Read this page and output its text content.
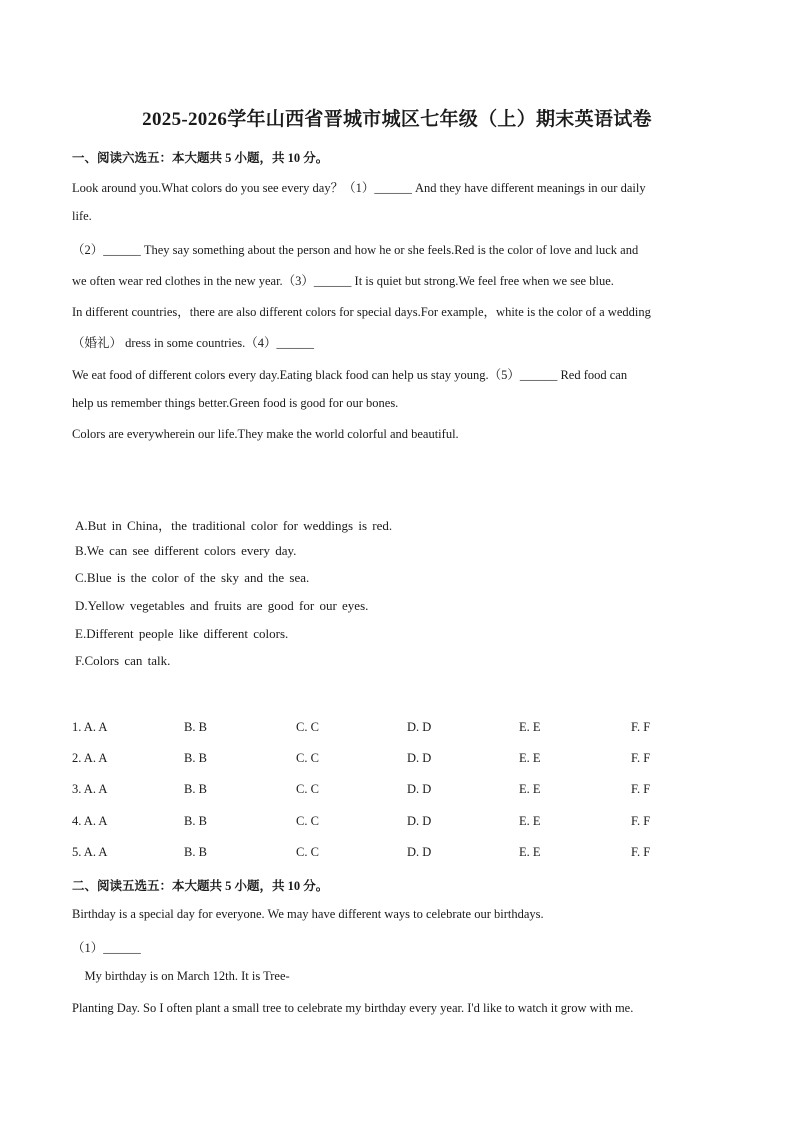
2025-2026学年山西省晋城市城区七年级（上）期末英语试卷
一、阅读六选五：本大题共 5 小题，共 10 分。
Look around you.What colors do you see every day？（1）______ And they have different meanings in our daily
life.
（2）______ They say something about the person and how he or she feels.Red is the color of love and luck and
we often wear red clothes in the new year.（3）______ It is quiet but strong.We feel free when we see blue.
In different countries，there are also different colors for special days.For example，white is the color of a wedding
（婚礼） dress in some countries.（4）______
We eat food of different colors every day.Eating black food can help us stay young.（5）______ Red food can
help us remember things better.Green food is good for our bones.
Colors are everywherein our life.They make the world colorful and beautiful.
A.But in China，the traditional color for weddings is red.
B.We can see different colors every day.
C.Blue is the color of the sky and the sea.
D.Yellow vegetables and fruits are good for our eyes.
E.Different people like different colors.
F.Colors can talk.
1. A. A	B. B	C. C	D. D	E. E	F. F
2. A. A	B. B	C. C	D. D	E. E	F. F
3. A. A	B. B	C. C	D. D	E. E	F. F
4. A. A	B. B	C. C	D. D	E. E	F. F
5. A. A	B. B	C. C	D. D	E. E	F. F
二、阅读五选五：本大题共 5 小题，共 10 分。
Birthday is a special day for everyone. We may have different ways to celebrate our birthdays.
（1）______
My birthday is on March 12th. It is Tree-
Planting Day. So I often plant a small tree to celebrate my birthday every year. I'd like to watch it grow with me.
